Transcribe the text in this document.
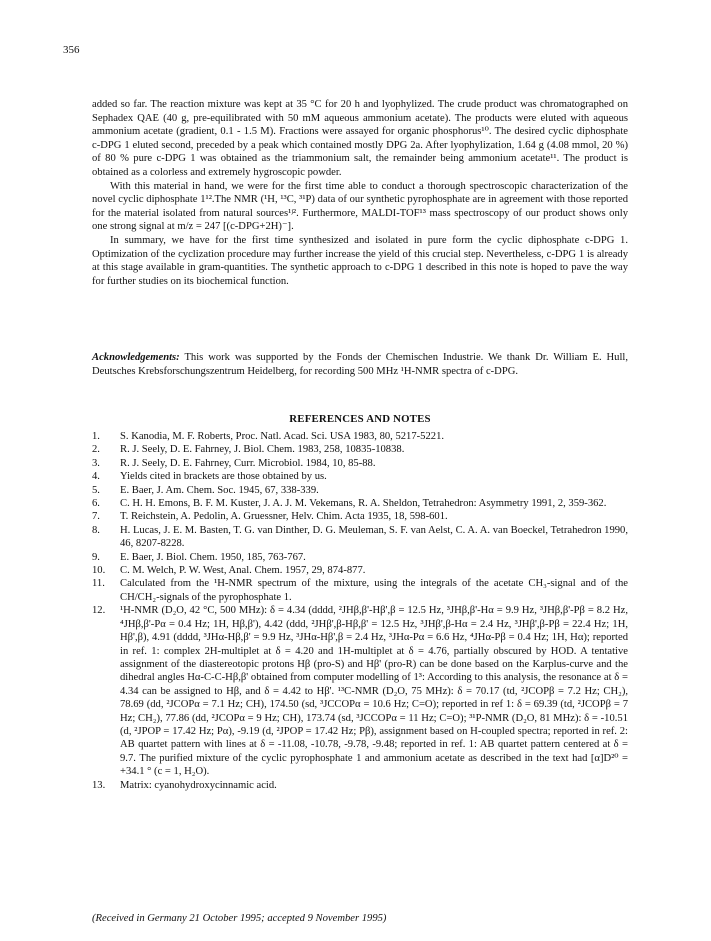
356

added so far. The reaction mixture was kept at 35 °C for 20 h and lyophylized. The crude product was chromatographed on Sephadex QAE (40 g, pre-equilibrated with 50 mM aqueous ammonium acetate). The products were eluted with aqueous ammonium acetate (gradient, 0.1 - 1.5 M). Fractions were assayed for organic phosphorus¹⁰. The desired cyclic diphosphate c-DPG 1 eluted second, preceded by a peak which contained mostly DPG 2a. After lyophylization, 1.64 g (4.08 mmol, 20 %) of 80 % pure c-DPG 1 was obtained as the triammonium salt, the remainder being ammonium acetate¹¹. The product is obtained as a colorless and extremely hygroscopic powder.

With this material in hand, we were for the first time able to conduct a thorough spectroscopic characterization of the novel cyclic diphosphate 1¹².The NMR (¹H, ¹³C, ³¹P) data of our synthetic pyrophosphate are in agreement with those reported for the material isolated from natural sources¹ʲ². Furthermore, MALDI-TOF¹³ mass spectroscopy of our product shows only one strong signal at m/z = 247 [(c-DPG+2H)⁻].

In summary, we have for the first time synthesized and isolated in pure form the cyclic diphosphate c-DPG 1. Optimization of the cyclization procedure may further increase the yield of this crucial step. Nevertheless, c-DPG 1 is already at this stage available in gram-quantities. The synthetic approach to c-DPG 1 described in this note is hoped to pave the way for further studies on its biochemical function.

Acknowledgements: This work was supported by the Fonds der Chemischen Industrie. We thank Dr. William E. Hull, Deutsches Krebsforschungszentrum Heidelberg, for recording 500 MHz ¹H-NMR spectra of c-DPG.
REFERENCES AND NOTES
1.	S. Kanodia, M. F. Roberts, Proc. Natl. Acad. Sci. USA 1983, 80, 5217-5221.
2.	R. J. Seely, D. E. Fahrney, J. Biol. Chem. 1983, 258, 10835-10838.
3.	R. J. Seely, D. E. Fahrney, Curr. Microbiol. 1984, 10, 85-88.
4.	Yields cited in brackets are those obtained by us.
5.	E. Baer, J. Am. Chem. Soc. 1945, 67, 338-339.
6.	C. H. H. Emons, B. F. M. Kuster, J. A. J. M. Vekemans, R. A. Sheldon, Tetrahedron: Asymmetry 1991, 2, 359-362.
7.	T. Reichstein, A. Pedolin, A. Gruessner, Helv. Chim. Acta 1935, 18, 598-601.
8.	H. Lucas, J. E. M. Basten, T. G. van Dinther, D. G. Meuleman, S. F. van Aelst, C. A. A. van Boeckel, Tetrahedron 1990, 46, 8207-8228.
9.	E. Baer, J. Biol. Chem. 1950, 185, 763-767.
10.	C. M. Welch, P. W. West, Anal. Chem. 1957, 29, 874-877.
11.	Calculated from the ¹H-NMR spectrum of the mixture, using the integrals of the acetate CH₃-signal and of the CH/CH₂-signals of the pyrophosphate 1.
12.	¹H-NMR (D₂O, 42 °C, 500 MHz): δ = 4.34 (dddd, ²JHβ,β'-Hβ',β = 12.5 Hz, ³JHβ,β'-Hα = 9.9 Hz, ³JHβ,β'-Pβ = 8.2 Hz, ⁴JHβ,β'-Pα = 0.4 Hz; 1H, Hβ,β'), 4.42 (ddd, ²JHβ',β-Hβ,β' = 12.5 Hz, ³JHβ',β-Hα = 2.4 Hz, ³JHβ',β-Pβ = 22.4 Hz; 1H, Hβ',β), 4.91 (dddd, ³JHα-Hβ,β' = 9.9 Hz, ³JHα-Hβ',β = 2.4 Hz, ³JHα-Pα = 6.6 Hz, ⁴JHα-Pβ = 0.4 Hz; 1H, Hα); reported in ref. 1: complex 2H-multiplet at δ = 4.20 and 1H-multiplet at δ = 4.76, partially obscured by HOD. A tentative assignment of the diastereotopic protons Hβ (pro-S) and Hβ' (pro-R) can be done based on the Karplus-curve and the dihedral angles Hα-C-C-Hβ,β' obtained from computer modelling of 1³: According to this analysis, the resonance at δ = 4.34 can be assigned to Hβ, and δ = 4.42 to Hβ'. ¹³C-NMR (D₂O, 75 MHz): δ = 70.17 (td, ²JCOPβ = 7.2 Hz; CH₂), 78.69 (dd, ²JCOPα = 7.1 Hz; CH), 174.50 (sd, ³JCCOPα = 10.6 Hz; C=O); reported in ref 1: δ = 69.39 (td, ²JCOPβ = 7 Hz; CH₂), 77.86 (dd, ²JCOPα = 9 Hz; CH), 173.74 (sd, ³JCCOPα = 11 Hz; C=O); ³¹P-NMR (D₂O, 81 MHz): δ = -10.51 (d, ²JPOP = 17.42 Hz; Pα), -9.19 (d, ²JPOP = 17.42 Hz; Pβ), assignment based on H-coupled spectra; reported in ref. 2: AB quartet pattern with lines at δ = -11.08, -10.78, -9.78, -9.48; reported in ref. 1: AB quartet pattern centered at δ = 9.7. The purified mixture of the cyclic pyrophosphate 1 and ammonium acetate as described in the text had [α]D²⁰ = +34.1 ° (c = 1, H₂O).
13.	Matrix: cyanohydroxycinnamic acid.
(Received in Germany 21 October 1995; accepted 9 November 1995)
